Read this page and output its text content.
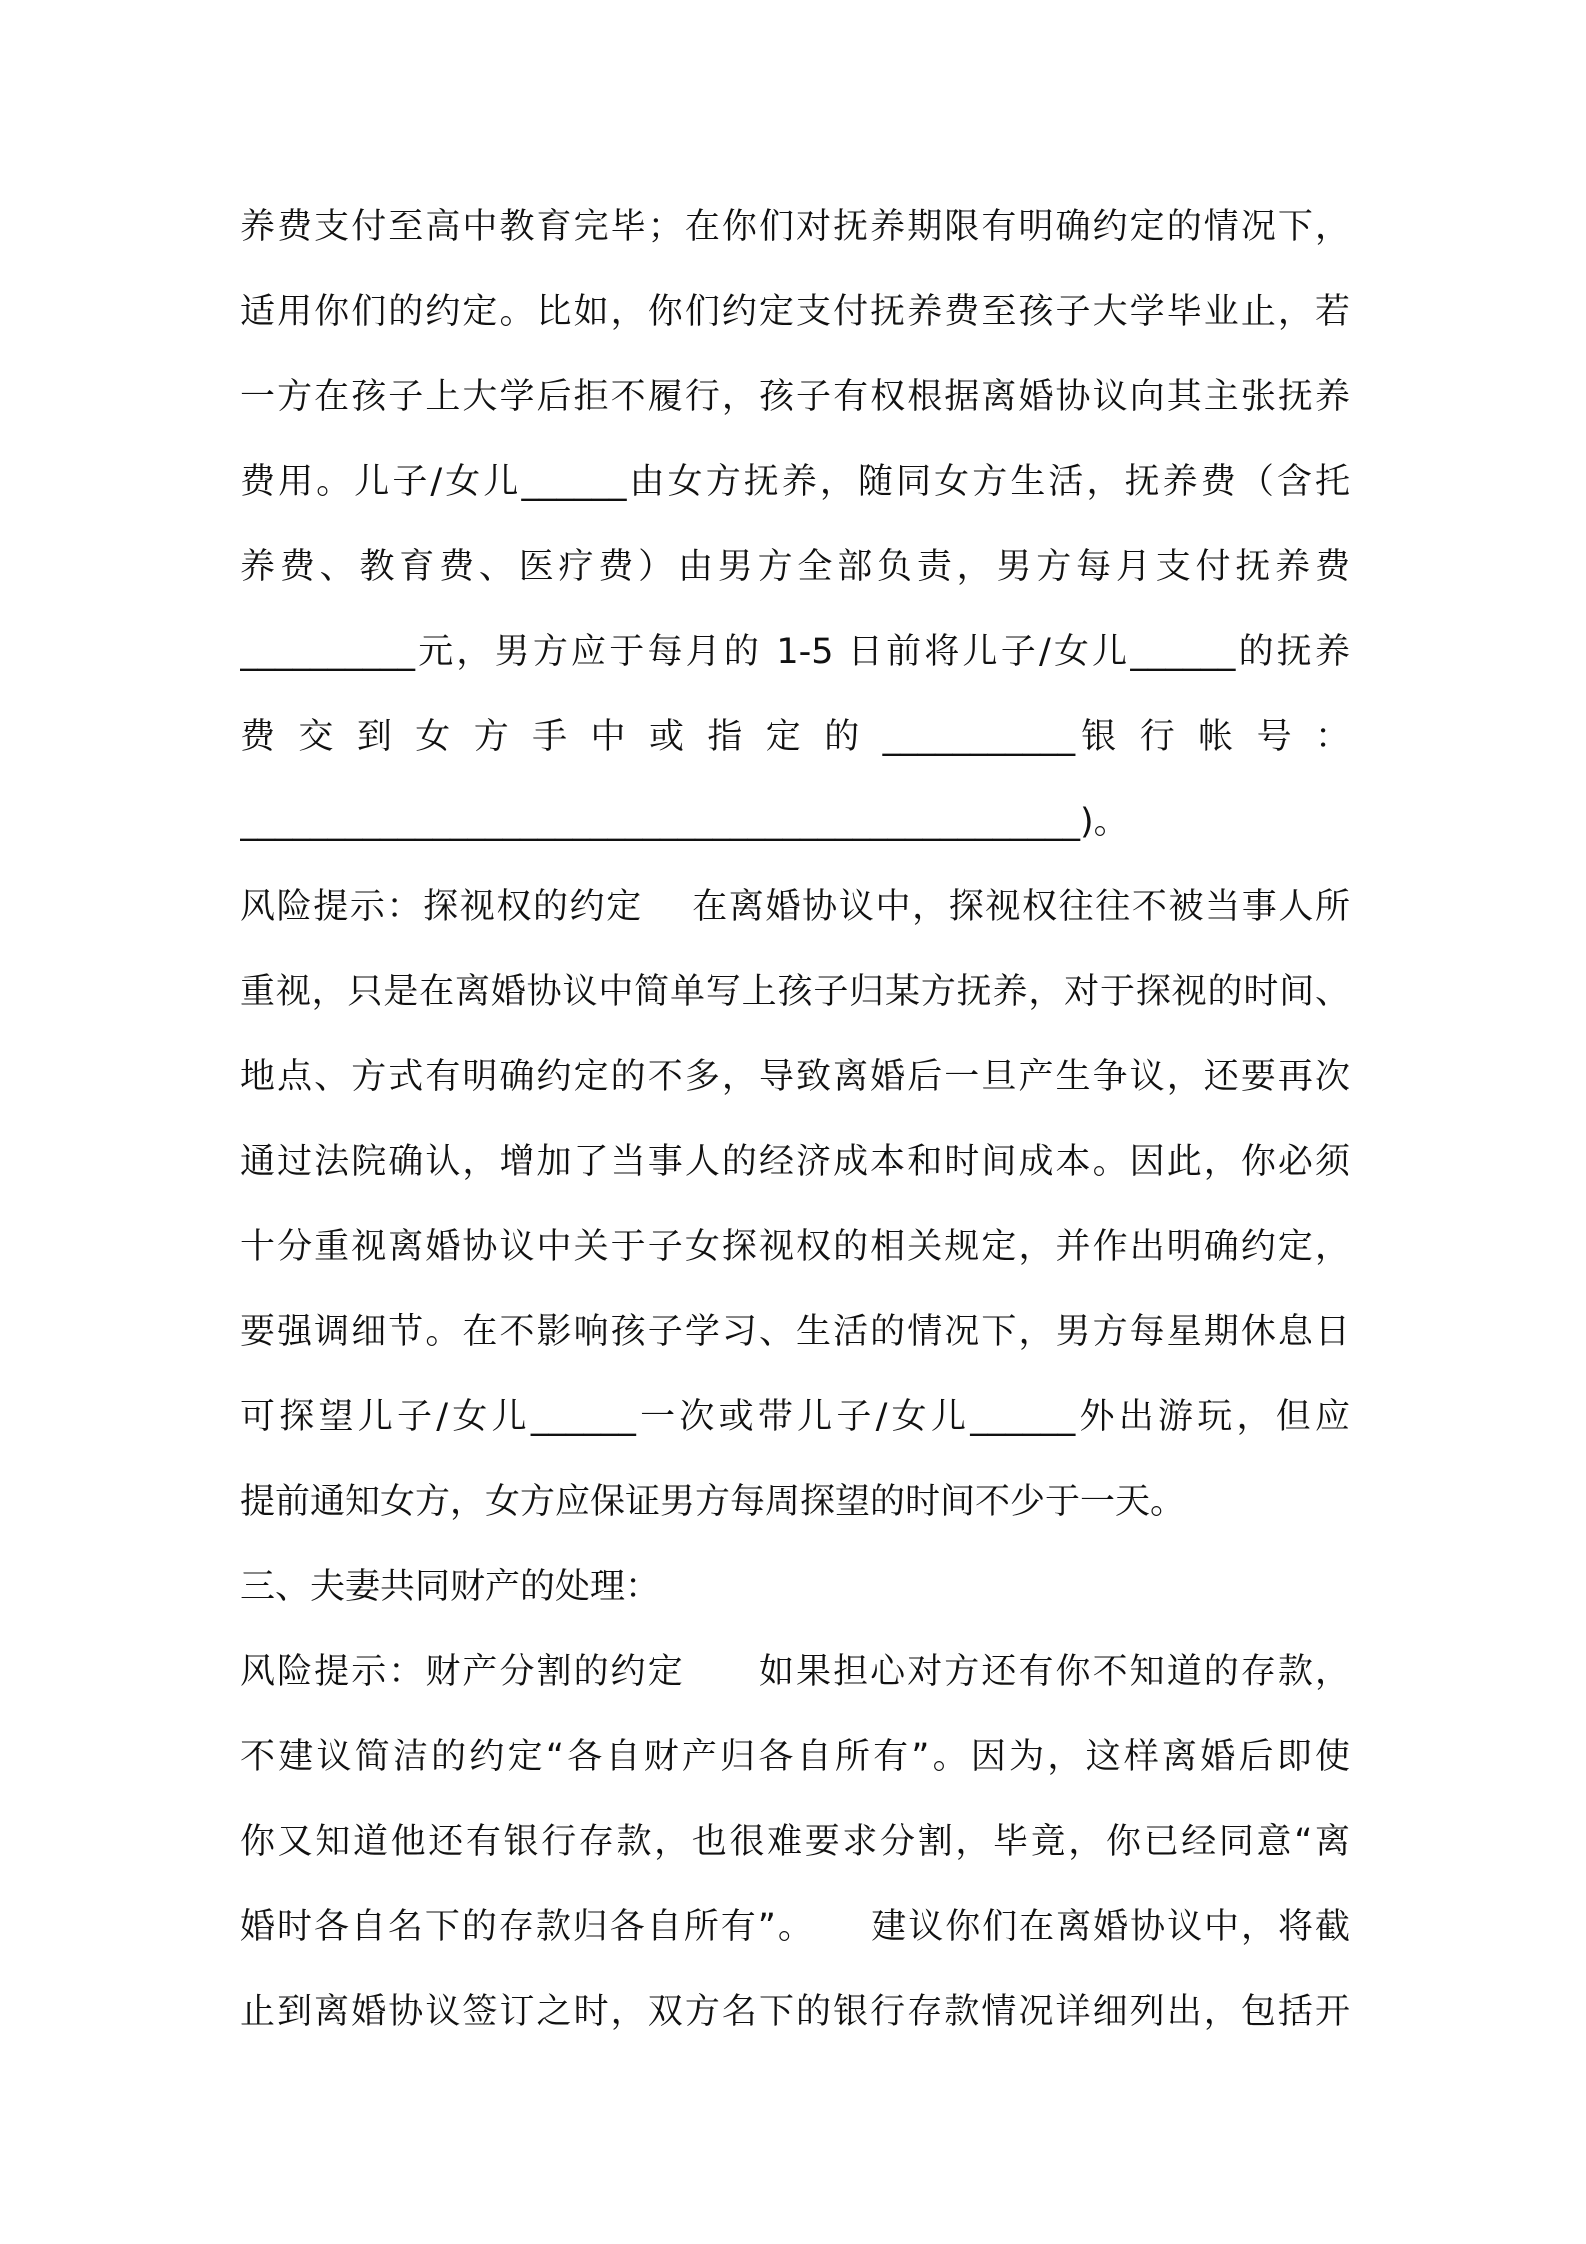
养费支付至高中教育完毕；在你们对抚养期限有明确约定的情况下，
适用你们的约定。比如，你们约定支付抚养费至孩子大学毕业止，若
一方在孩子上大学后拒不履行，孩子有权根据离婚协议向其主张抚养
费用。儿子/女儿______由女方抚养，随同女方生活，抚养费（含托
养费、教育费、医疗费）由男方全部负责，男方每月支付抚养费
__________元，男方应于每月的 1-5 日前将儿子/女儿______的抚养
费 交 到 女 方 手 中 或 指 定 的 ___________银 行 帐 号 ：
________________________________________________)。
风险提示：探视权的约定　 在离婚协议中，探视权往往不被当事人所
重视，只是在离婚协议中简单写上孩子归某方抚养，对于探视的时间、
地点、方式有明确约定的不多，导致离婚后一旦产生争议，还要再次
通过法院确认，增加了当事人的经济成本和时间成本。因此，你必须
十分重视离婚协议中关于子女探视权的相关规定，并作出明确约定，
要强调细节。在不影响孩子学习、生活的情况下，男方每星期休息日
可探望儿子/女儿______一次或带儿子/女儿______外出游玩，但应
提前通知女方，女方应保证男方每周探望的时间不少于一天。
三、夫妻共同财产的处理：
风险提示：财产分割的约定　　如果担心对方还有你不知道的存款，
不建议简洁的约定“各自财产归各自所有”。因为，这样离婚后即使
你又知道他还有银行存款，也很难要求分割，毕竟，你已经同意“离
婚时各自名下的存款归各自所有”。　　建议你们在离婚协议中，将截
止到离婚协议签订之时，双方名下的银行存款情况详细列出，包括开
